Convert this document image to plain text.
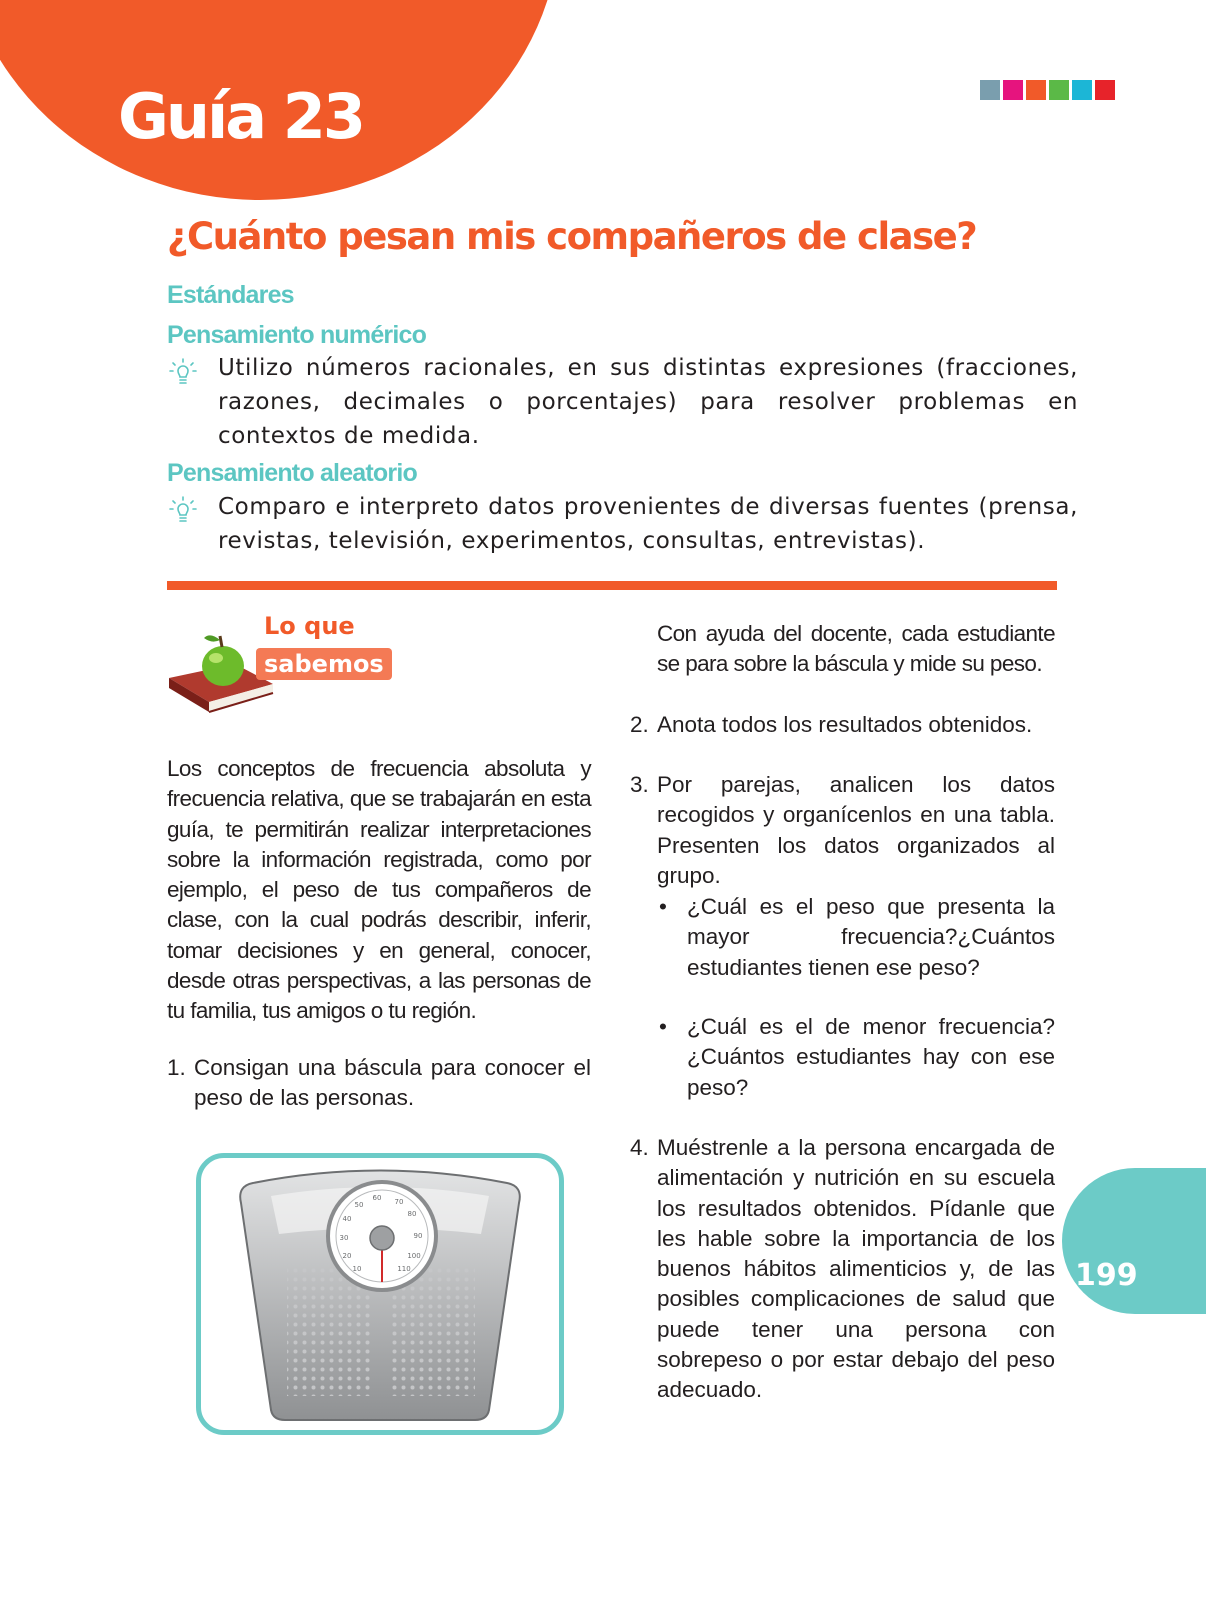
Guía 23
¿Cuánto pesan mis compañeros de clase?
Estándares
Pensamiento numérico
Utilizo números racionales, en sus distintas expresiones (fracciones, razones, decimales o porcentajes) para resolver problemas en contextos de medida.
Pensamiento aleatorio
Comparo e interpreto datos provenientes de diversas fuentes (prensa, revistas, televisión, experimentos, consultas, entrevistas).
Lo que
sabemos
Los conceptos de frecuencia absoluta y frecuencia relativa, que se trabajarán en esta guía, te permitirán realizar interpretaciones sobre la información registrada, como por ejemplo, el peso de tus compañeros de clase, con la cual podrás describir, inferir, tomar decisiones y en general, conocer, desde otras perspectivas, a las personas de tu familia, tus amigos o tu región.
1. Consigan una báscula para conocer el peso de las personas.
10
20
30
40
50
60 70
80
90
100
110
Con ayuda del docente, cada estudiante se para sobre la báscula y mide su peso.
2. Anota todos los resultados obtenidos.
3. Por parejas, analicen los datos recogidos y organícenlos en una tabla. Presenten los datos organizados al grupo.
• ¿Cuál es el peso que presenta la mayor frecuencia?¿Cuántos estudiantes tienen ese peso?
• ¿Cuál es el de menor frecuencia? ¿Cuántos estudiantes hay con ese peso?
4. Muéstrenle a la persona encargada de alimentación y nutrición en su escuela los resultados obtenidos. Pídanle que les hable sobre la importancia de los buenos hábitos alimenticios y, de las posibles complicaciones de salud que puede tener una persona con sobrepeso o por estar debajo del peso adecuado.
199
